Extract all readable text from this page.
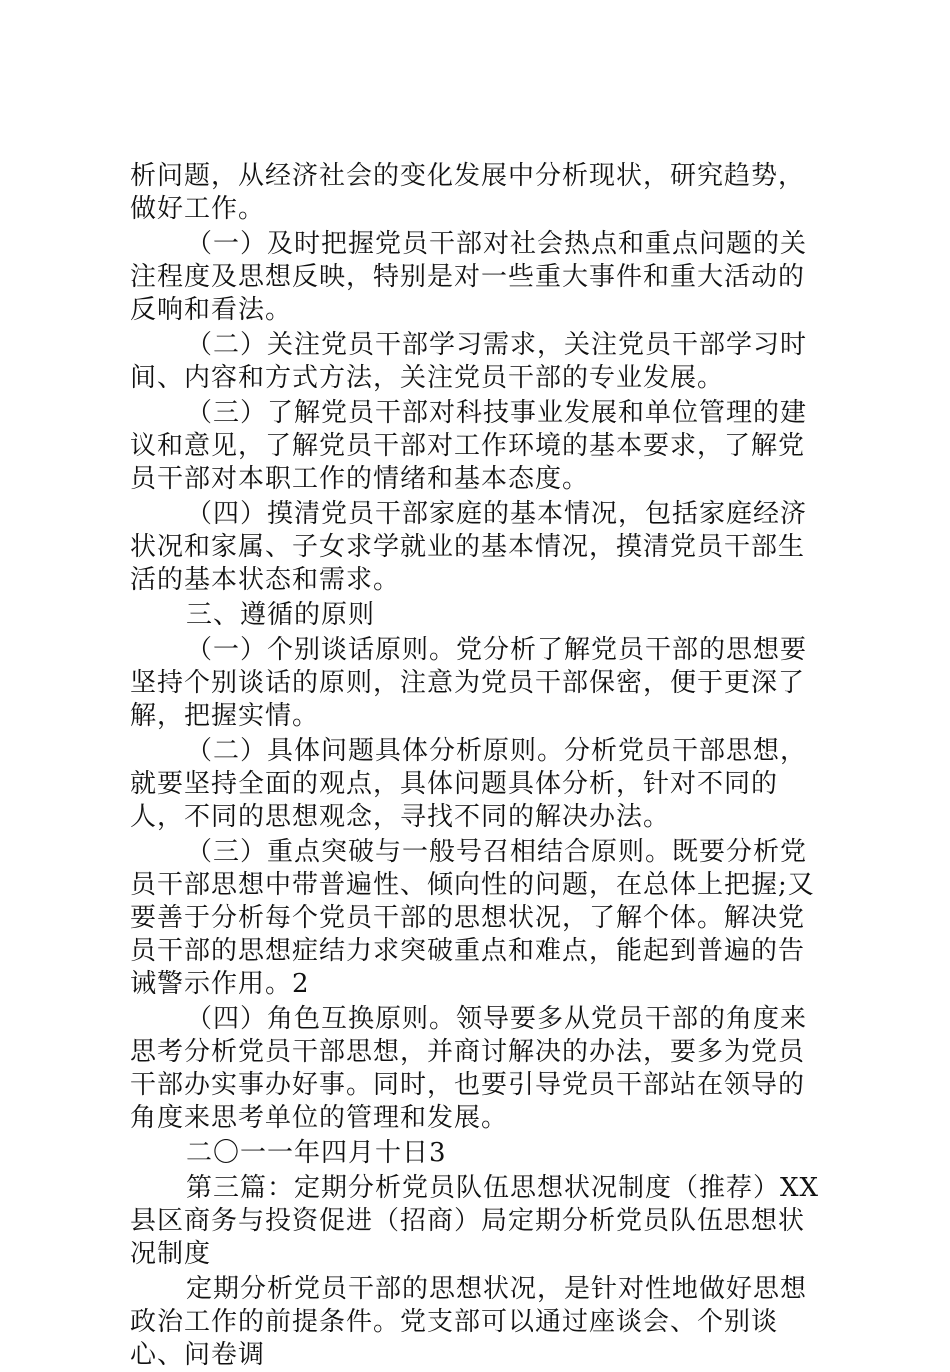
析问题，从经济社会的变化发展中分析现状，研究趋势，做好工作。

（一）及时把握党员干部对社会热点和重点问题的关注程度及思想反映，特别是对一些重大事件和重大活动的反响和看法。

（二）关注党员干部学习需求，关注党员干部学习时间、内容和方式方法，关注党员干部的专业发展。

（三）了解党员干部对科技事业发展和单位管理的建议和意见，了解党员干部对工作环境的基本要求，了解党员干部对本职工作的情绪和基本态度。

（四）摸清党员干部家庭的基本情况，包括家庭经济状况和家属、子女求学就业的基本情况，摸清党员干部生活的基本状态和需求。

三、遵循的原则

（一）个别谈话原则。党分析了解党员干部的思想要坚持个别谈话的原则，注意为党员干部保密，便于更深了解，把握实情。

（二）具体问题具体分析原则。分析党员干部思想，就要坚持全面的观点，具体问题具体分析，针对不同的人，不同的思想观念，寻找不同的解决办法。

（三）重点突破与一般号召相结合原则。既要分析党员干部思想中带普遍性、倾向性的问题，在总体上把握;又要善于分析每个党员干部的思想状况，了解个体。解决党员干部的思想症结力求突破重点和难点，能起到普遍的告诫警示作用。2

（四）角色互换原则。领导要多从党员干部的角度来思考分析党员干部思想，并商讨解决的办法，要多为党员干部办实事办好事。同时，也要引导党员干部站在领导的角度来思考单位的管理和发展。

二〇一一年四月十日3

第三篇：定期分析党员队伍思想状况制度（推荐）XX县区商务与投资促进（招商）局定期分析党员队伍思想状况制度

定期分析党员干部的思想状况，是针对性地做好思想政治工作的前提条件。党支部可以通过座谈会、个别谈心、问卷调
